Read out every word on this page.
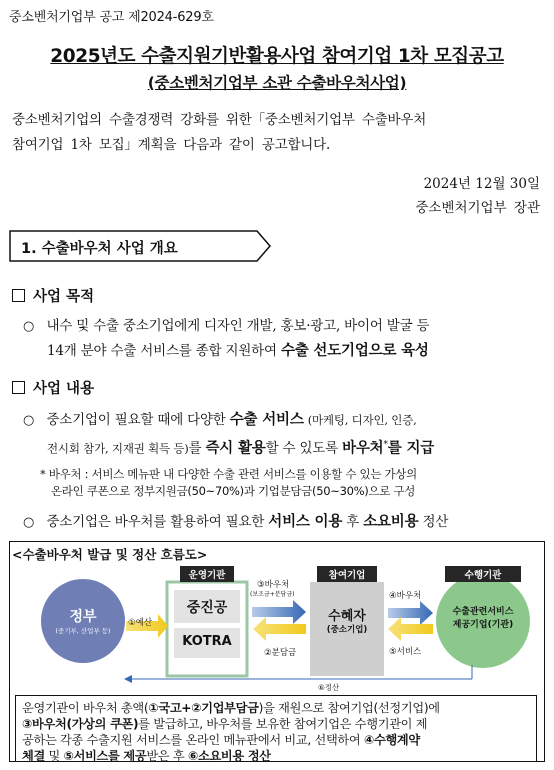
중소벤처기업부 공고 제2024-629호
2025년도 수출지원기반활용사업 참여기업 1차 모집공고
(중소벤처기업부 소관 수출바우처사업)
중소벤처기업의 수출경쟁력 강화를 위한「중소벤처기업부 수출바우처
참여기업 1차 모집」계획을 다음과 같이 공고합니다.
2024년 12월 30일
중소벤처기업부 장관
1. 수출바우처 사업 개요
사업 목적
○ 내수 및 수출 중소기업에게 디자인 개발, 홍보·광고, 바이어 발굴 등
14개 분야 수출 서비스를 종합 지원하여 수출 선도기업으로 육성
사업 내용
○ 중소기업이 필요할 때에 다양한 수출 서비스 (마케팅, 디자인, 인증,
전시회 참가, 지재권 획득 등)를 즉시 활용할 수 있도록 바우처*를 지급
* 바우처 : 서비스 메뉴판 내 다양한 수출 관련 서비스를 이용할 수 있는 가상의
온라인 쿠폰으로 정부지원금(50~70%)과 기업분담금(50~30%)으로 구성
○ 중소기업은 바우처를 활용하여 필요한 서비스 이용 후 소요비용 정산
<수출바우처 발급 및 정산 흐름도>
정부
(중기부, 산업부 등)
운영기관
중진공
KOTRA
참여기업
수혜자
(중소기업)
수행기관
수출관련서비스
제공기업(기관)
①예산
③바우처
(보조금+분담금)
②분담금
④바우처
⑤서비스
⑥정산
운영기관이 바우처 총액(①국고+②기업부담금)을 재원으로 참여기업(선정기업)에
③바우처(가상의 쿠폰)를 발급하고, 바우처를 보유한 참여기업은 수행기관이 제
공하는 각종 수출지원 서비스를 온라인 메뉴판에서 비교, 선택하여 ④수행계약
체결 및 ⑤서비스를 제공받은 후 ⑥소요비용 정산
